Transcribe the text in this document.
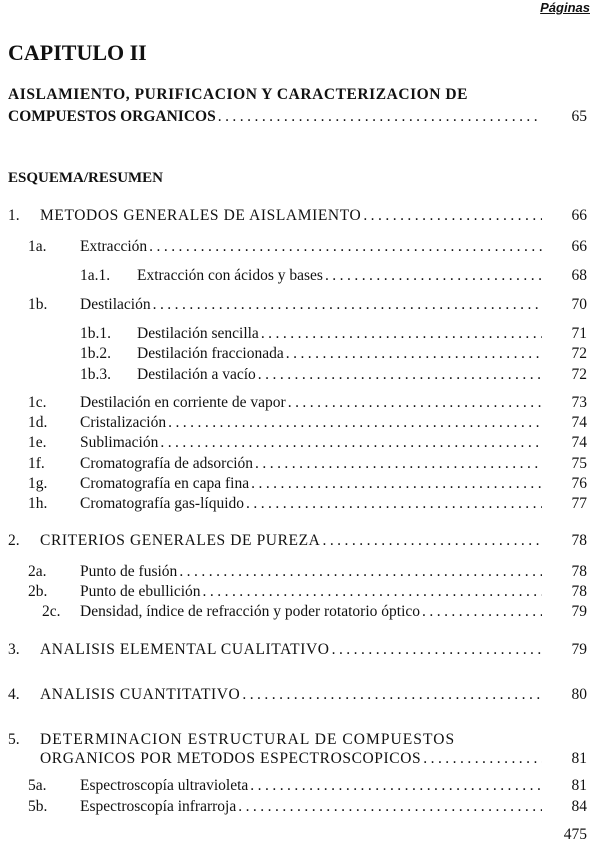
Páginas
CAPITULO II
AISLAMIENTO, PURIFICACION Y CARACTERIZACION DE
COMPUESTOS ORGANICOS . . .	65
ESQUEMA/RESUMEN
1. METODOS GENERALES DE AISLAMIENTO . . .	66
1a. Extracción . . .	66
1a.1. Extracción con ácidos y bases . . .	68
1b. Destilación . . .	70
1b.1. Destilación sencilla . . .	71
1b.2. Destilación fraccionada . . .	72
1b.3. Destilación a vacío . . .	72
1c. Destilación en corriente de vapor . . .	73
1d. Cristalización . . .	74
1e. Sublimación . . .	74
1f. Cromatografía de adsorción . . .	75
1g. Cromatografía en capa fina . . .	76
1h. Cromatografía gas-líquido . . .	77
2. CRITERIOS GENERALES DE PUREZA . . .	78
2a. Punto de fusión . . .	78
2b. Punto de ebullición . . .	78
2c. Densidad, índice de refracción y poder rotatorio óptico . . .	79
3. ANALISIS ELEMENTAL CUALITATIVO . . .	79
4. ANALISIS CUANTITATIVO . . .	80
5. DETERMINACION ESTRUCTURAL DE COMPUESTOS
ORGANICOS POR METODOS ESPECTROSCOPICOS . . .	81
5a. Espectroscopía ultravioleta . . .	81
5b. Espectroscopía infrarroja . . .	84
475
